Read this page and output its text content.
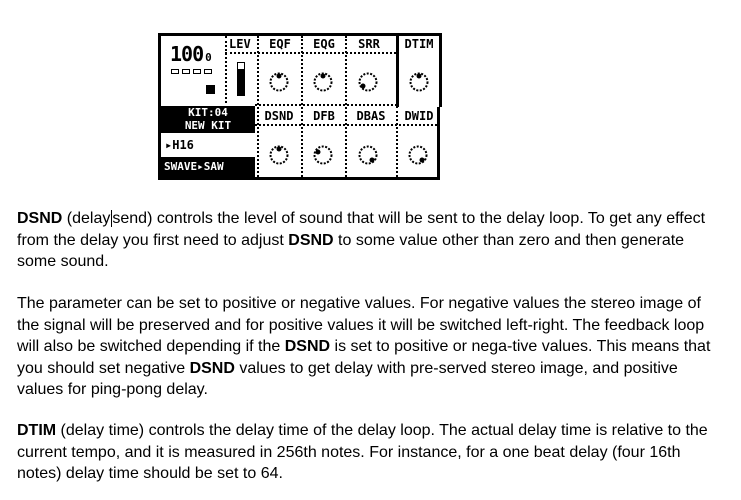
100 0
LEV	EQF	EQG	SRR	DTIM
KIT:04
NEW KIT
▸H16
SWAVE▸SAW
DSND	DFB	DBAS	DWID

DSND (delay send) controls the level of sound that will be sent to the delay loop. To get any effect from the delay you first need to adjust DSND to some value other than zero and then generate some sound.

The parameter can be set to positive or negative values. For negative values the stereo image of the signal will be preserved and for positive values it will be switched left-right. The feedback loop will also be switched depending if the DSND is set to positive or nega-tive values. This means that you should set negative DSND values to get delay with pre-served stereo image, and positive values for ping-pong delay.

DTIM (delay time) controls the delay time of the delay loop. The actual delay time is relative to the current tempo, and it is measured in 256th notes. For instance, for a one beat delay (four 16th notes) delay time should be set to 64.
